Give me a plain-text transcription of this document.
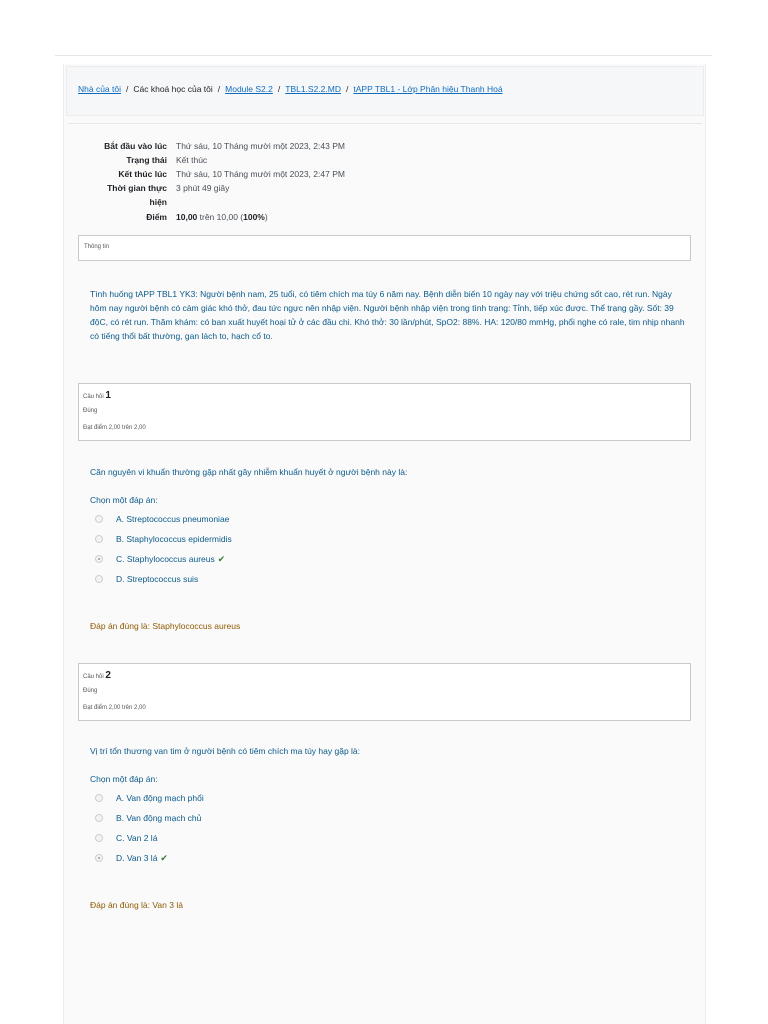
Nhà của tôi / Các khoá học của tôi / Module S2.2 / TBL1.S2.2.MD / tAPP TBL1 - Lớp Phân hiệu Thanh Hoá
Bắt đầu vào lúc Thứ sáu, 10 Tháng mười một 2023, 2:43 PM
Trạng thái Kết thúc
Kết thúc lúc Thứ sáu, 10 Tháng mười một 2023, 2:47 PM
Thời gian thực 3 phút 49 giây
hiện
Điểm 10,00 trên 10,00 (100%)
Thông tin
Tình huống tAPP TBL1 YK3: Người bệnh nam, 25 tuổi, có tiêm chích ma túy 6 năm nay. Bệnh diễn biến 10 ngày nay với triệu chứng sốt cao, rét run. Ngày hôm nay người bệnh có cảm giác khó thở, đau tức ngực nên nhập viện. Người bệnh nhập viện trong tình trạng: Tỉnh, tiếp xúc được. Thể trạng gầy. Sốt: 39 độC, có rét run. Thăm khám: có ban xuất huyết hoại tử ở các đầu chi. Khó thở: 30 lần/phút, SpO2: 88%. HA: 120/80 mmHg, phổi nghe có rale, tim nhịp nhanh có tiếng thổi bất thường, gan lách to, hạch cổ to.
Câu hỏi 1
Đúng
Đạt điểm 2,00 trên 2,00
Căn nguyên vi khuẩn thường gặp nhất gây nhiễm khuẩn huyết ở người bệnh này là:
Chọn một đáp án:
A. Streptococcus pneumoniae
B. Staphylococcus epidermidis
C. Staphylococcus aureus ✔
D. Streptococcus suis
Đáp án đúng là: Staphylococcus aureus
Câu hỏi 2
Đúng
Đạt điểm 2,00 trên 2,00
Vị trí tổn thương van tim ở người bệnh có tiêm chích ma túy hay gặp là:
Chọn một đáp án:
A. Van động mạch phổi
B. Van động mạch chủ
C. Van 2 lá
D. Van 3 lá ✔
Đáp án đúng là: Van 3 lá
